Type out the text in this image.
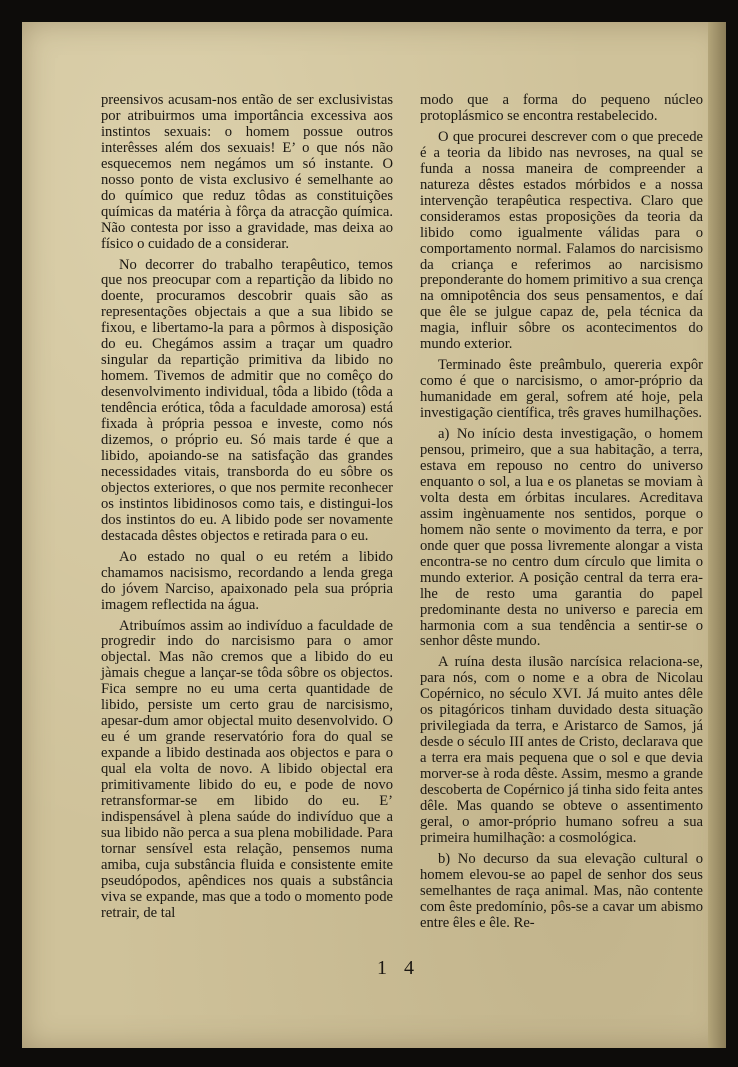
preensivos acusam-nos então de ser exclusivistas por atribuirmos uma importância excessiva aos instintos sexuais: o homem possue outros interêsses além dos sexuais! E’ o que nós não esquecemos nem negámos um só instante. O nosso ponto de vista exclusivo é semelhante ao do químico que reduz tôdas as constituições químicas da matéria à fôrça da atracção química. Não contesta por isso a gravidade, mas deixa ao físico o cuidado de a considerar.

No decorrer do trabalho terapêutico, temos que nos preocupar com a repartição da libido no doente, procuramos descobrir quais são as representações objectais a que a sua libido se fixou, e libertamo-la para a pôrmos à disposição do eu. Chegámos assim a traçar um quadro singular da repartição primitiva da libido no homem. Tivemos de admitir que no comêço do desenvolvimento individual, tôda a libido (tôda a tendência erótica, tôda a faculdade amorosa) está fixada à própria pessoa e investe, como nós dizemos, o próprio eu. Só mais tarde é que a libido, apoiando-se na satisfação das grandes necessidades vitais, transborda do eu sôbre os objectos exteriores, o que nos permite reconhecer os instintos libidinosos como tais, e distingui-los dos instintos do eu. A libido pode ser novamente destacada dêstes objectos e retirada para o eu.

Ao estado no qual o eu retém a libido chamamos nacisismo, recordando a lenda grega do jóvem Narciso, apaixonado pela sua própria imagem reflectida na água.

Atribuímos assim ao indivíduo a faculdade de progredir indo do narcisismo para o amor objectal. Mas não cremos que a libido do eu jàmais chegue a lançar-se tôda sôbre os objectos. Fica sempre no eu uma certa quantidade de libido, persiste um certo grau de narcisismo, apesar-dum amor objectal muito desenvolvido. O eu é um grande reservatório fora do qual se expande a libido destinada aos objectos e para o qual ela volta de novo. A libido objectal era primitivamente libido do eu, e pode de novo retransformar-se em libido do eu. E’ indispensável à plena saúde do indivíduo que a sua libido não perca a sua plena mobilidade. Para tornar sensível esta relação, pensemos numa amiba, cuja substância fluida e consistente emite pseudópodos, apêndices nos quais a substância viva se expande, mas que a todo o momento pode retrair, de tal

modo que a forma do pequeno núcleo protoplásmico se encontra restabelecido.

O que procurei descrever com o que precede é a teoria da libido nas nevroses, na qual se funda a nossa maneira de compreender a natureza dêstes estados mórbidos e a nossa intervenção terapêutica respectiva. Claro que consideramos estas proposições da teoria da libido como igualmente válidas para o comportamento normal. Falamos do narcisismo da criança e referimos ao narcisismo preponderante do homem primitivo a sua crença na omnipotência dos seus pensamentos, e daí que êle se julgue capaz de, pela técnica da magia, influir sôbre os acontecimentos do mundo exterior.

Terminado êste preâmbulo, quereria expôr como é que o narcisismo, o amor-próprio da humanidade em geral, sofrem até hoje, pela investigação científica, três graves humilhações.

a) No início desta investigação, o homem pensou, primeiro, que a sua habitação, a terra, estava em repouso no centro do universo enquanto o sol, a lua e os planetas se moviam à volta desta em órbitas inculares. Acreditava assim ingènuamente nos sentidos, porque o homem não sente o movimento da terra, e por onde quer que possa livremente alongar a vista encontra-se no centro dum círculo que limita o mundo exterior. A posição central da terra era-lhe de resto uma garantia do papel predominante desta no universo e parecia em harmonia com a sua tendência a sentir-se o senhor dêste mundo.

A ruína desta ilusão narcísica relaciona-se, para nós, com o nome e a obra de Nicolau Copérnico, no século XVI. Já muito antes dêle os pitagóricos tinham duvidado desta situação privilegiada da terra, e Aristarco de Samos, já desde o século III antes de Cristo, declarava que a terra era mais pequena que o sol e que devia morver-se à roda dêste. Assim, mesmo a grande descoberta de Copérnico já tinha sido feita antes dêle. Mas quando se obteve o assentimento geral, o amor-próprio humano sofreu a sua primeira humilhação: a cosmológica.

b) No decurso da sua elevação cultural o homem elevou-se ao papel de senhor dos seus semelhantes de raça animal. Mas, não contente com êste predomínio, pôs-se a cavar um abismo entre êles e êle. Re-

1 4
